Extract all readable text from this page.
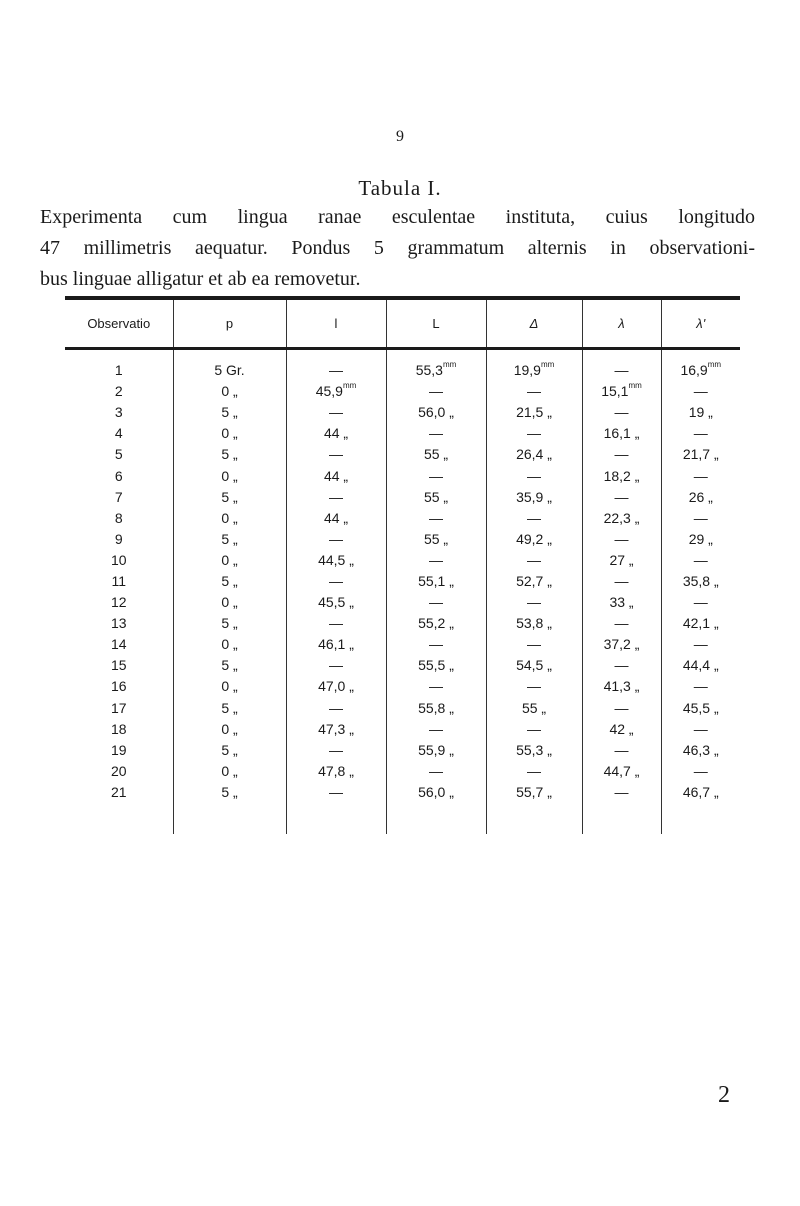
9
Tabula I.
Experimenta cum lingua ranae esculentae instituta, cuius longitudo
47 millimetris aequatur. Pondus 5 grammatum alternis in observationi-
bus linguae alligatur et ab ea removetur.
Observatio	p	l	L	Δ	λ	λ'

1	5 Gr.	—	$55,3^{mm}$	$19,9^{mm}$	—	$16,9^{mm}$
2	0 „	$45,9^{mm}$	—	—	$15,1^{mm}$	—
3	5 „	—	56,0 „	21,5 „	—	19 „
4	0 „	44 „	—	—	16,1 „	—
5	5 „	—	55 „	26,4 „	—	21,7 „
6	0 „	44 „	—	—	18,2 „	—
7	5 „	—	55 „	35,9 „	—	26 „
8	0 „	44 „	—	—	22,3 „	—
9	5 „	—	55 „	49,2 „	—	29 „
10	0 „	44,5 „	—	—	27 „	—
11	5 „	—	55,1 „	52,7 „	—	35,8 „
12	0 „	45,5 „	—	—	33 „	—
13	5 „	—	55,2 „	53,8 „	—	42,1 „
14	0 „	46,1 „	—	—	37,2 „	—
15	5 „	—	55,5 „	54,5 „	—	44,4 „
16	0 „	47,0 „	—	—	41,3 „	—
17	5 „	—	55,8 „	55 „	—	45,5 „
18	0 „	47,3 „	—	—	42 „	—
19	5 „	—	55,9 „	55,3 „	—	46,3 „
20	0 „	47,8 „	—	—	44,7 „	—
21	5 „	—	56,0 „	55,7 „	—	46,7 „

2
